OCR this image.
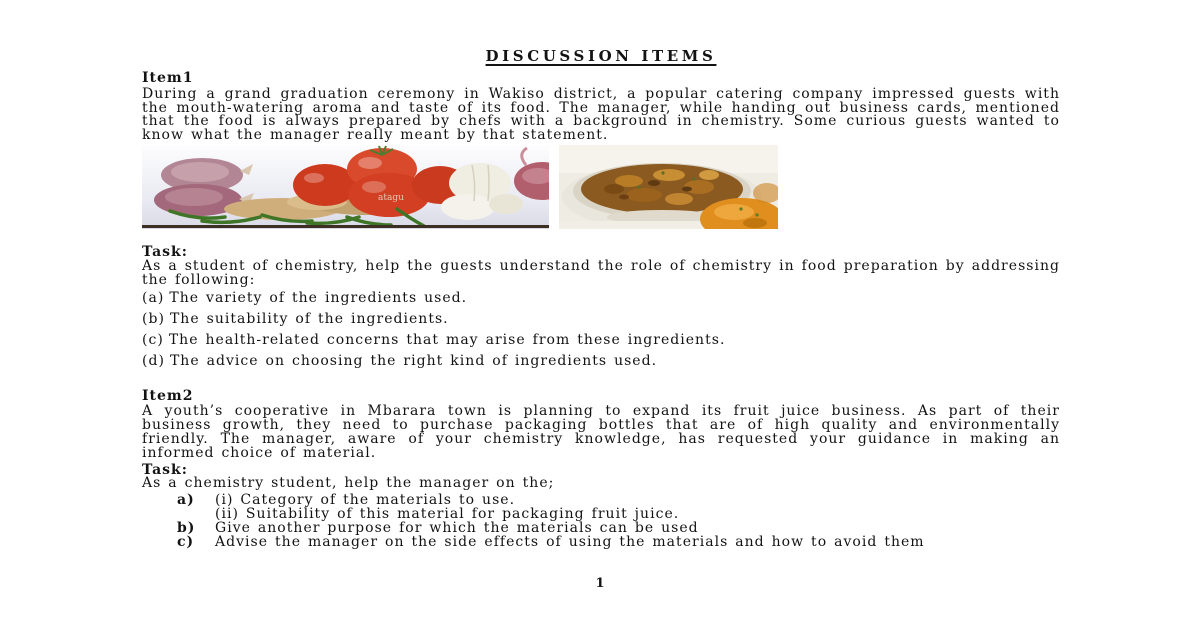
DISCUSSION ITEMS
Item1

During a grand graduation ceremony in Wakiso district, a popular catering company impressed guests with the mouth-watering aroma and taste of its food. The manager, while handing out business cards, mentioned that the food is always prepared by chefs with a background in chemistry. Some curious guests wanted to know what the manager really meant by that statement.

atagu
Task:

As a student of chemistry, help the guests understand the role of chemistry in food preparation by addressing the following:

(a) The variety of the ingredients used.

(b) The suitability of the ingredients.

(c) The health-related concerns that may arise from these ingredients.

(d) The advice on choosing the right kind of ingredients used.

Item2

A youth’s cooperative in Mbarara town is planning to expand its fruit juice business. As part of their business growth, they need to purchase packaging bottles that are of high quality and environmentally friendly. The manager, aware of your chemistry knowledge, has requested your guidance in making an informed choice of material.

Task:

As a chemistry student, help the manager on the;

a)	(i) Category of the materials to use.
(ii) Suitability of this material for packaging fruit juice.
b)	Give another purpose for which the materials can be used
c)	Advise the manager on the side effects of using the materials and how to avoid them
1
